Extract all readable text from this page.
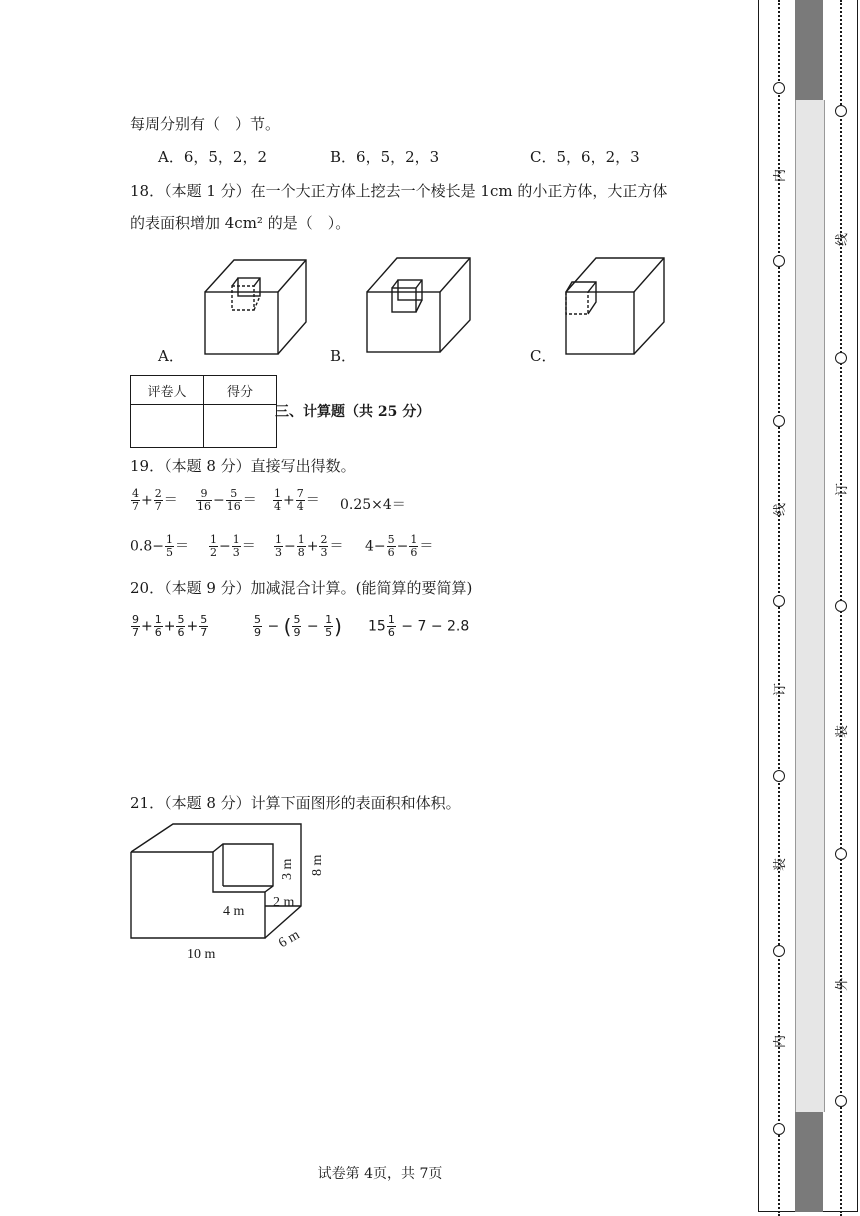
每周分别有（　）节。
A．6，5，2，2	B．6，5，2，3	C．5，6，2，3
18．（本题 1 分）在一个大正方体上挖去一个棱长是 1cm 的小正方体，大正方体
的表面积增加 4cm² 的是（　）。
A．	B．	C．
评卷人	得分

三、计算题（共 25 分）
19．（本题 8 分）直接写出得数。
$\frac{4}{7} + \frac{2}{7} = \frac{9}{16} - \frac{5}{16} = \frac{1}{4} + \frac{7}{4} = 0.25\times 4=$
$0.8- \frac{1}{5} = \frac{1}{2} - \frac{1}{3} = \frac{1}{3} - \frac{1}{8} + \frac{2}{3} = 4- \frac{5}{6} - \frac{1}{6}$ ＝
20．（本题 9 分）加减混合计算。(能简算的要简算)
$\frac{9}{7} + \frac{1}{6} + \frac{5}{6} + \frac{5}{7}$	$\frac{5}{9}$ − ( $\frac{5}{9} - \frac{1}{5}$ ) $15 \frac{1}{6} - 7 - 2.8$
21．（本题 8 分）计算下面图形的表面积和体积。
8 m
3 m
2 m
4 m
10 m
6 m
试卷第 4页，共 7页
内
线
订
装
内
线
订
装
外
